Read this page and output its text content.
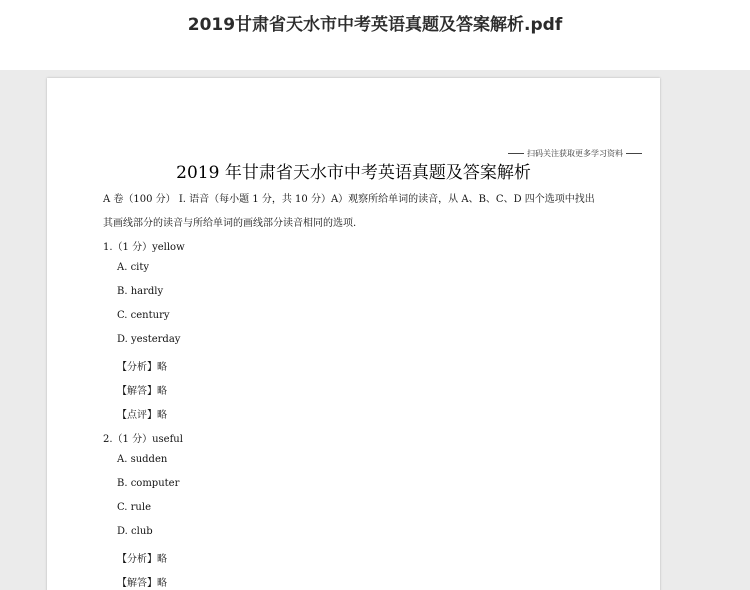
2019甘肃省天水市中考英语真题及答案解析.pdf
扫码关注获取更多学习资料
2019 年甘肃省天水市中考英语真题及答案解析
A 卷（100 分） Ⅰ. 语音（每小题 1 分，共 10 分）A）观察所给单词的读音，从 A、B、C、D 四个选项中找出
其画线部分的读音与所给单词的画线部分读音相同的选项.
1.（1 分）yellow
A. city
B. hardly
C. century
D. yesterday
【分析】略
【解答】略
【点评】略
2.（1 分）useful
A. sudden
B. computer
C. rule
D. club
【分析】略
【解答】略
